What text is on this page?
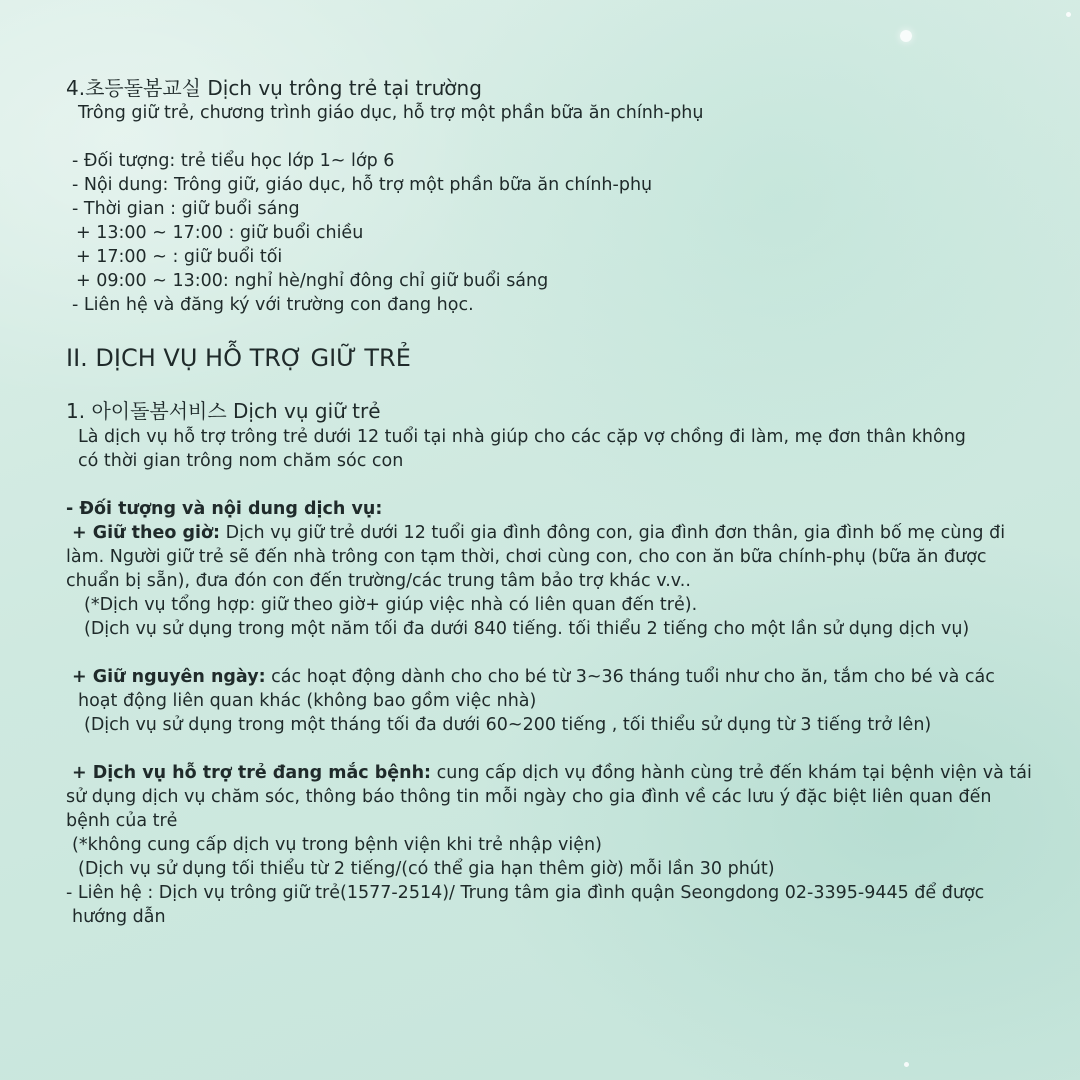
4.초등돌봄교실 Dịch vụ trông trẻ tại trường
Trông giữ trẻ, chương trình giáo dục, hỗ trợ một phần bữa ăn chính-phụ
- Đối tượng: trẻ tiểu học lớp 1~ lớp 6
- Nội dung: Trông giữ, giáo dục, hỗ trợ một phần bữa ăn chính-phụ
- Thời gian : giữ buổi sáng
+ 13:00 ~ 17:00 : giữ buổi chiều
+ 17:00 ~ : giữ buổi tối
+ 09:00 ~ 13:00: nghỉ hè/nghỉ đông chỉ giữ buổi sáng
- Liên hệ và đăng ký với trường con đang học.
II. DỊCH VỤ HỖ TRỢ GIỮ TRẺ
1. 아이돌봄서비스 Dịch vụ giữ trẻ
Là dịch vụ hỗ trợ trông trẻ dưới 12 tuổi tại nhà giúp cho các cặp vợ chồng đi làm, mẹ đơn thân không
có thời gian trông nom chăm sóc con
- Đối tượng và nội dung dịch vụ:
+ Giữ theo giờ: Dịch vụ giữ trẻ dưới 12 tuổi gia đình đông con, gia đình đơn thân, gia đình bố mẹ cùng đi
làm. Người giữ trẻ sẽ đến nhà trông con tạm thời, chơi cùng con, cho con ăn bữa chính-phụ (bữa ăn được
chuẩn bị sẵn), đưa đón con đến trường/các trung tâm bảo trợ khác v.v..
(*Dịch vụ tổng hợp: giữ theo giờ+ giúp việc nhà có liên quan đến trẻ).
(Dịch vụ sử dụng trong một năm tối đa dưới 840 tiếng. tối thiểu 2 tiếng cho một lần sử dụng dịch vụ)
+ Giữ nguyên ngày: các hoạt động dành cho cho bé từ 3~36 tháng tuổi như cho ăn, tắm cho bé và các
hoạt động liên quan khác (không bao gồm việc nhà)
(Dịch vụ sử dụng trong một tháng tối đa dưới 60~200 tiếng , tối thiểu sử dụng từ 3 tiếng trở lên)
+ Dịch vụ hỗ trợ trẻ đang mắc bệnh: cung cấp dịch vụ đồng hành cùng trẻ đến khám tại bệnh viện và tái
sử dụng dịch vụ chăm sóc, thông báo thông tin mỗi ngày cho gia đình về các lưu ý đặc biệt liên quan đến
bệnh của trẻ
(*không cung cấp dịch vụ trong bệnh viện khi trẻ nhập viện)
(Dịch vụ sử dụng tối thiểu từ 2 tiếng/(có thể gia hạn thêm giờ) mỗi lần 30 phút)
- Liên hệ : Dịch vụ trông giữ trẻ(1577-2514)/ Trung tâm gia đình quận Seongdong 02-3395-9445 để được
hướng dẫn
